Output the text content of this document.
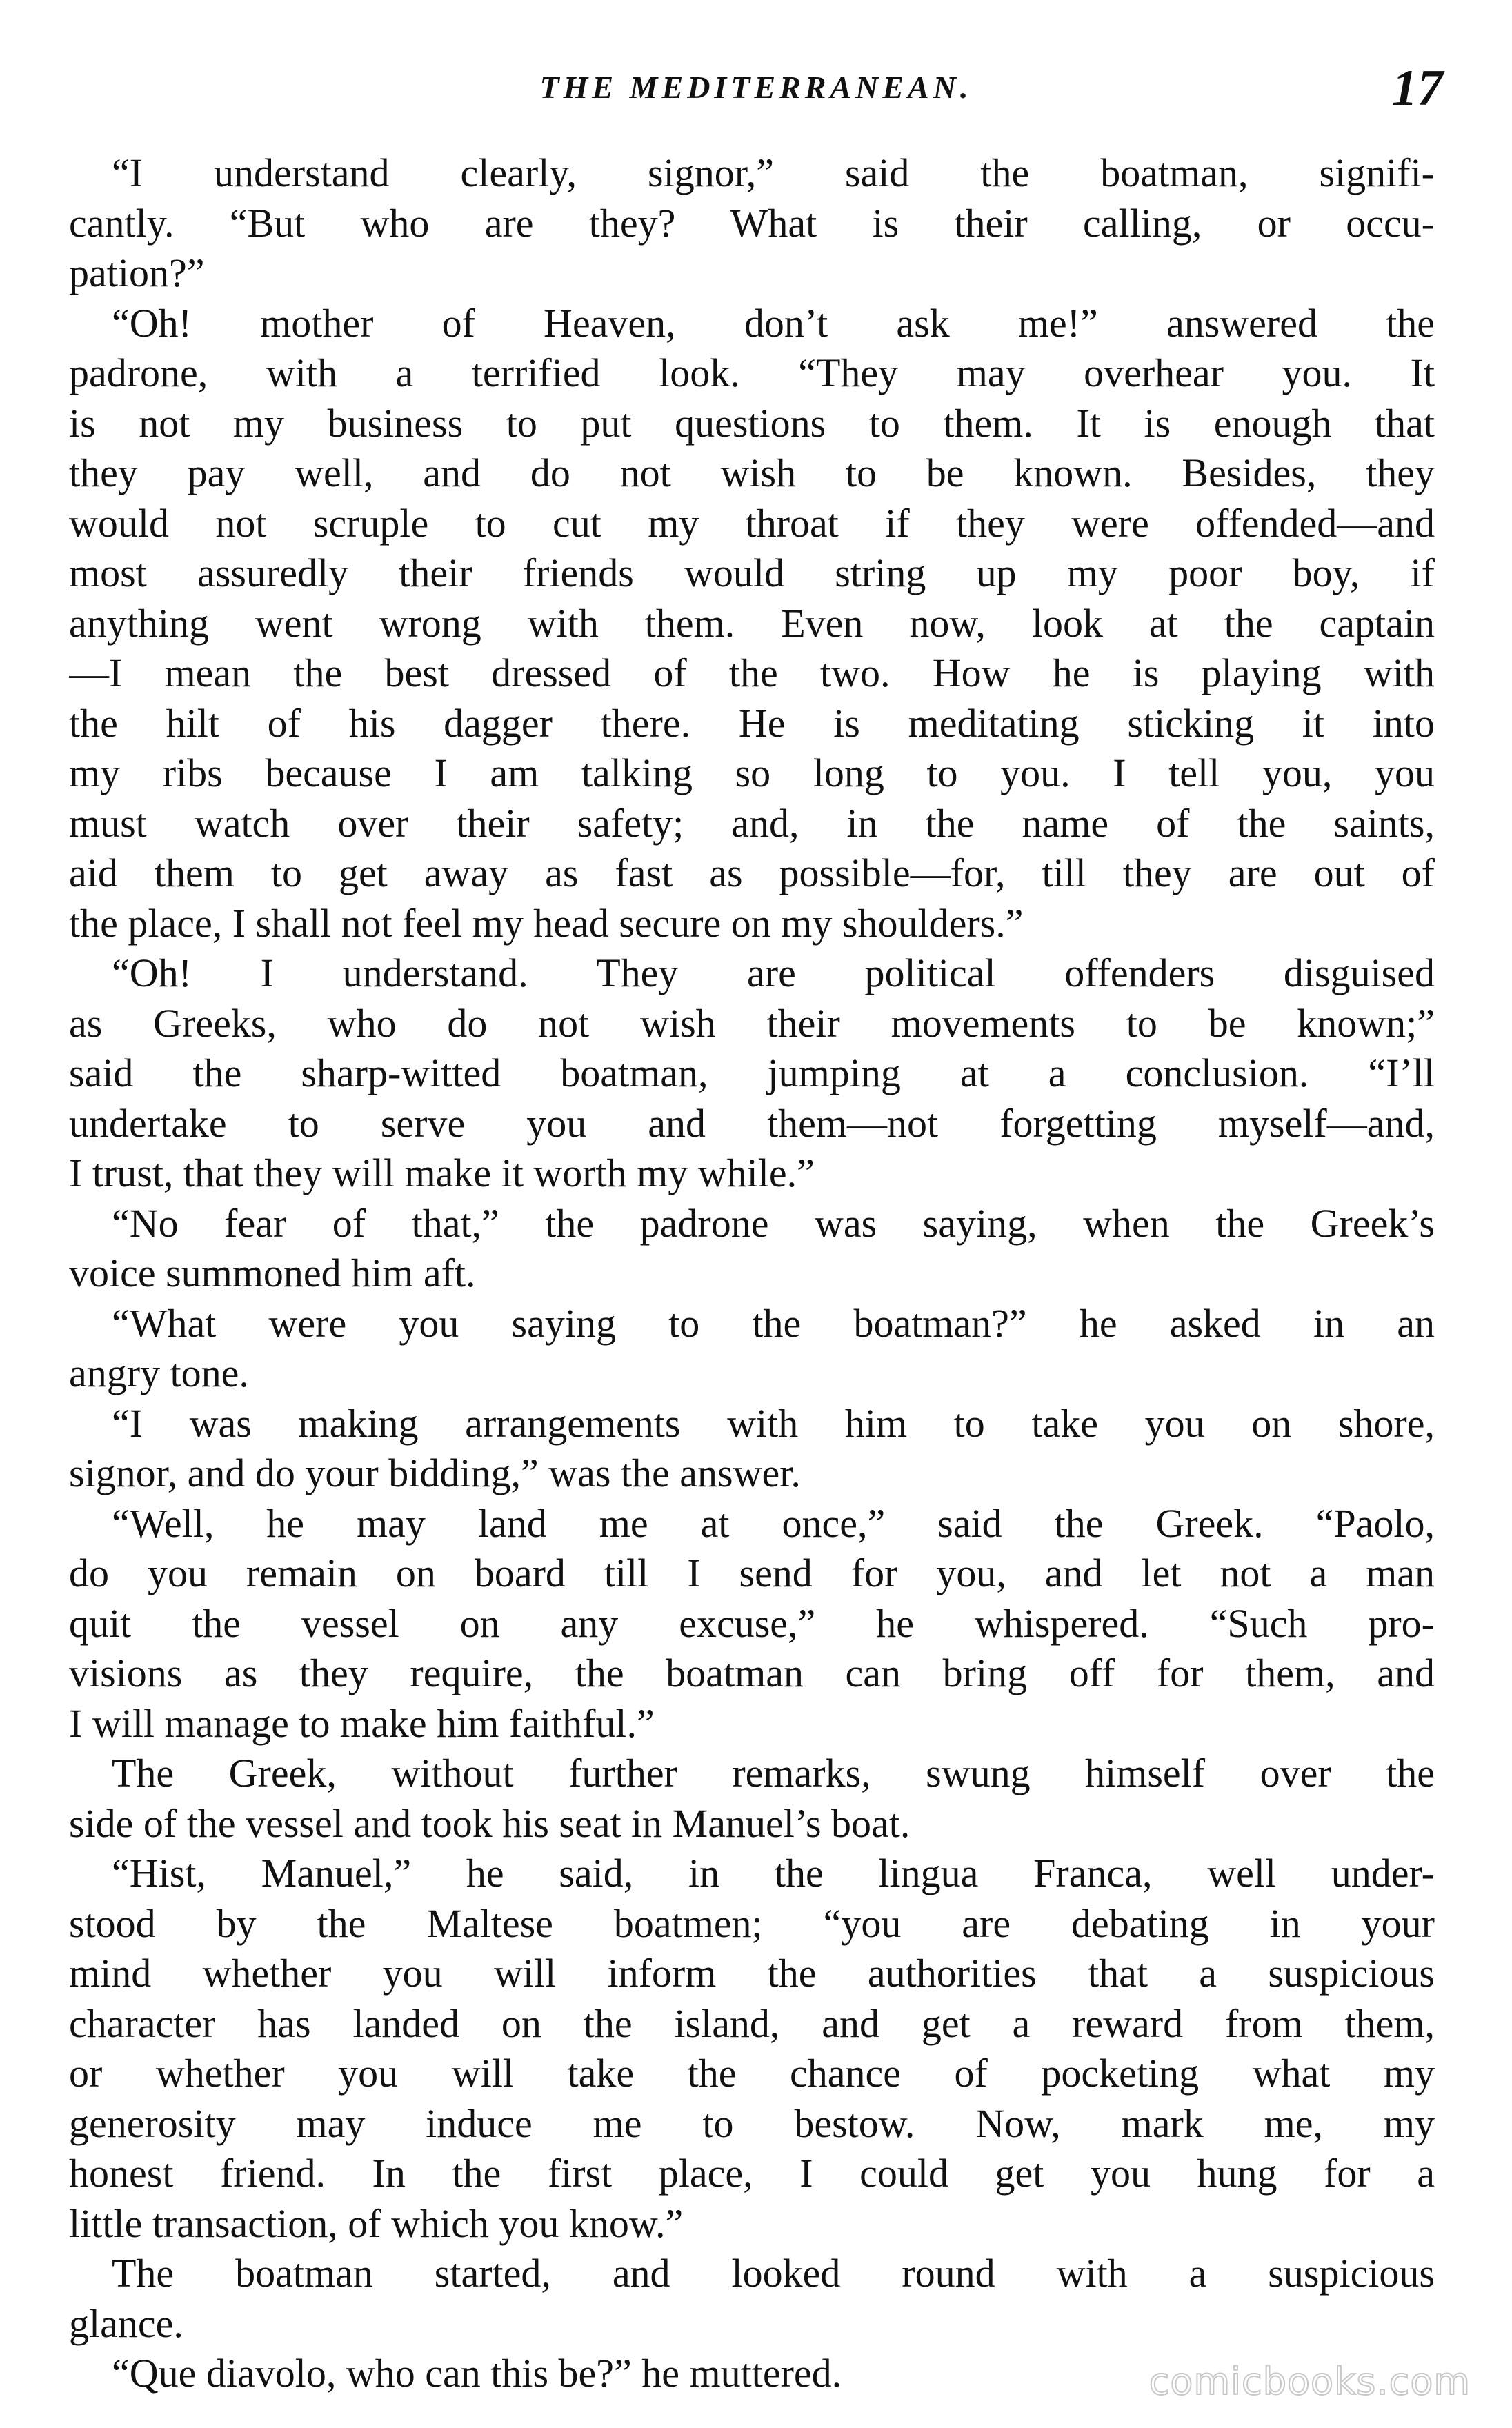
THE MEDITERRANEAN.	17
“I understand clearly, signor,” said the boatman, signifi-
cantly. “But who are they? What is their calling, or occu-
pation?”
“Oh! mother of Heaven, don’t ask me!” answered the
padrone, with a terrified look. “They may overhear you. It
is not my business to put questions to them. It is enough that
they pay well, and do not wish to be known. Besides, they
would not scruple to cut my throat if they were offended—and
most assuredly their friends would string up my poor boy, if
anything went wrong with them. Even now, look at the captain
—I mean the best dressed of the two. How he is playing with
the hilt of his dagger there. He is meditating sticking it into
my ribs because I am talking so long to you. I tell you, you
must watch over their safety; and, in the name of the saints,
aid them to get away as fast as possible—for, till they are out of
the place, I shall not feel my head secure on my shoulders.”
“Oh! I understand. They are political offenders disguised
as Greeks, who do not wish their movements to be known;”
said the sharp-witted boatman, jumping at a conclusion. “I’ll
undertake to serve you and them—not forgetting myself—and,
I trust, that they will make it worth my while.”
“No fear of that,” the padrone was saying, when the Greek’s
voice summoned him aft.
“What were you saying to the boatman?” he asked in an
angry tone.
“I was making arrangements with him to take you on shore,
signor, and do your bidding,” was the answer.
“Well, he may land me at once,” said the Greek. “Paolo,
do you remain on board till I send for you, and let not a man
quit the vessel on any excuse,” he whispered. “Such pro-
visions as they require, the boatman can bring off for them, and
I will manage to make him faithful.”
The Greek, without further remarks, swung himself over the
side of the vessel and took his seat in Manuel’s boat.
“Hist, Manuel,” he said, in the lingua Franca, well under-
stood by the Maltese boatmen; “you are debating in your
mind whether you will inform the authorities that a suspicious
character has landed on the island, and get a reward from them,
or whether you will take the chance of pocketing what my
generosity may induce me to bestow. Now, mark me, my
honest friend. In the first place, I could get you hung for a
little transaction, of which you know.”
The boatman started, and looked round with a suspicious
glance.
“Que diavolo, who can this be?” he muttered.	comicbooks.com
